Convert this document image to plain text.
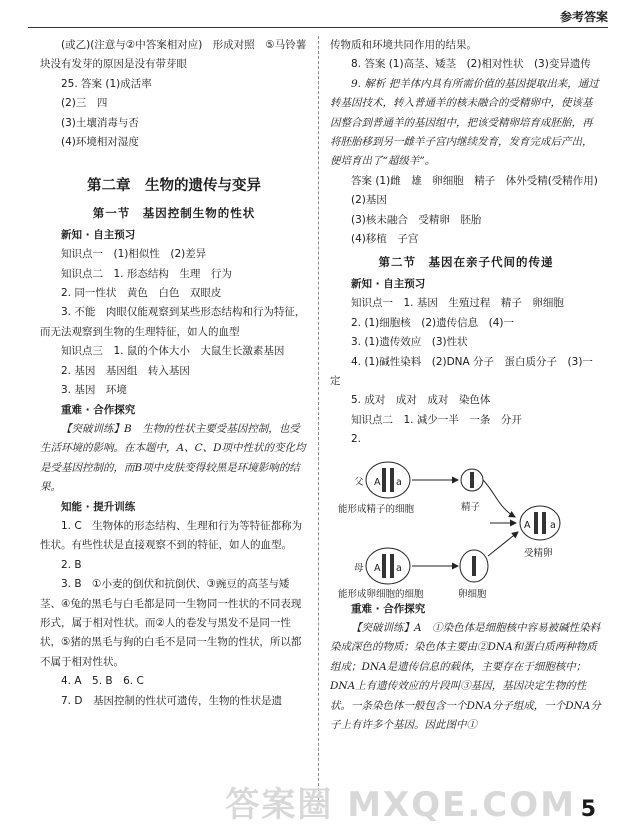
参考答案

(或乙)(注意与②中答案相对应)　形成对照　⑤马铃薯块没有发芽的原因是没有带芽眼

25. 答案 (1)成活率

(2)三　四

(3)土壤消毒与否

(4)环境相对湿度

第二章　生物的遗传与变异
第一节　基因控制生物的性状

新知 · 自主预习

知识点一　(1)相似性　(2)差异

知识点二　1. 形态结构　生理　行为

2. 同一性状　黄色　白色　双眼皮

3. 不能　肉眼仅能观察到某些形态结构和行为特征，而无法观察到生物的生理特征，如人的血型

知识点三　1. 鼠的个体大小　大鼠生长激素基因

2. 基因　基因组　转入基因

3. 基因　环境

重难 · 合作探究

【突破训练】B　生物的性状主要受基因控制，也受生活环境的影响。在本题中，A、C、D项中性状的变化均是受基因控制的，而B项中皮肤变得较黑是环境影响的结果。

知能 · 提升训练

1. C　生物体的形态结构、生理和行为等特征都称为性状。有些性状是直接观察不到的特征，如人的血型。

2. B

3. B　①小麦的倒伏和抗倒伏、③豌豆的高茎与矮茎、④兔的黑毛与白毛都是同一生物同一性状的不同表现形式，属于相对性状。而②人的卷发与黑发不是同一性状，⑤猪的黑毛与狗的白毛不是同一生物的性状，所以都不属于相对性状。

4. A　5. B　6. C

7. D　基因控制的性状可遗传，生物的性状是遗

传物质和环境共同作用的结果。

8. 答案 (1)高茎、矮茎　(2)相对性状　(3)变异遗传

9. 解析 把羊体内具有所需价值的基因提取出来，通过转基因技术，转入普通羊的核未融合的受精卵中，使该基因整合到普通羊的基因组中，把该受精卵培育成胚胎，再将胚胎移到另一雌羊子宫内继续发育，发育完成后产出，便培育出了“超级羊”。

答案 (1)雌　雄　卵细胞　精子　体外受精(受精作用)

(2)基因

(3)核未融合　受精卵　胚胎

(4)移植　子宫

第二节　基因在亲子代间的传递

新知 · 自主预习

知识点一　1. 基因　生殖过程　精子　卵细胞

2. (1)细胞核　(2)遗传信息　(4)一

3. (1)遗传效应　(3)性状

4. (1)碱性染料　(2)DNA 分子　蛋白质分子　(3)一定

5. 成对　成对　成对　染色体

知识点二　1. 减少一半　一条　分开

2.

父 A a
能形成精子的细胞	精子
母 A a
能形成卵细胞的细胞	卵细胞
A a
受精卵

重难 · 合作探究

【突破训练】A　①染色体是细胞核中容易被碱性染料染成深色的物质；染色体主要由②DNA和蛋白质两种物质组成；DNA是遗传信息的载体，主要存在于细胞核中；DNA上有遗传效应的片段叫③基因，基因决定生物的性状。一条染色体一般包含一个DNA分子组成，一个DNA分子上有许多个基因。因此图中①

答案圈 MXQE.COM 5
